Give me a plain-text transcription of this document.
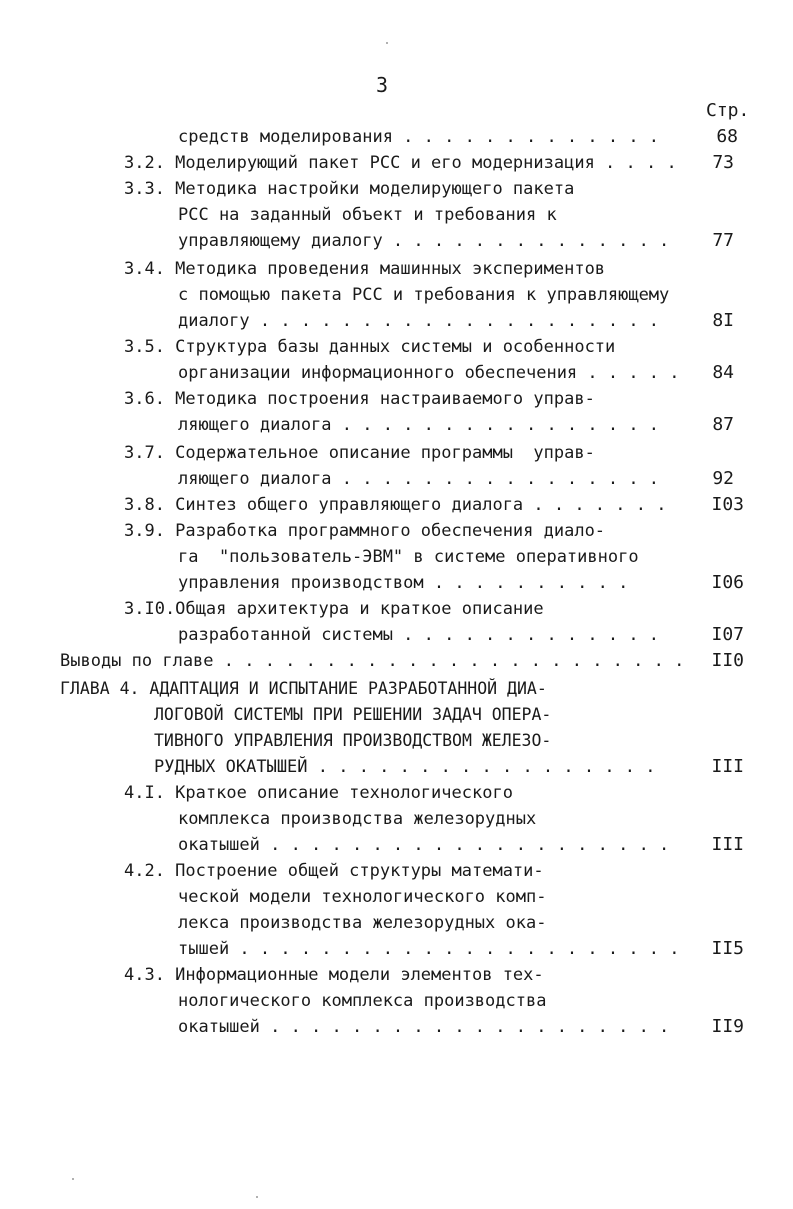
3
Стр.
средств моделирования . . . . . . . . . . . . .	68
3.2. Моделирующий пакет РСС и его модернизация . . . .	73
3.3. Методика настройки моделирующего пакета
РСС на заданный объект и требования к
управляющему диалогу . . . . . . . . . . . . . .	77
3.4. Методика проведения машинных экспериментов
с помощью пакета РСС и требования к управляющему
диалогу . . . . . . . . . . . . . . . . . . . .	8I
3.5. Структура базы данных системы и особенности
организации информационного обеспечения . . . . .	84
3.6. Методика построения настраиваемого управ-
ляющего диалога . . . . . . . . . . . . . . . .	87
3.7. Содержательное описание программы  управ-
ляющего диалога . . . . . . . . . . . . . . . .	92
3.8. Синтез общего управляющего диалога . . . . . . .	I03
3.9. Разработка программного обеспечения диало-
га  "пользователь-ЭВМ" в системе оперативного
управления производством . . . . . . . . . .	I06
3.I0.Общая архитектура и краткое описание
разработанной системы . . . . . . . . . . . . .	I07
Выводы по главе . . . . . . . . . . . . . . . . . . . . . . .	II0
ГЛАВА 4. АДАПТАЦИЯ И ИСПЫТАНИЕ РАЗРАБОТАННОЙ ДИА-
ЛОГОВОЙ СИСТЕМЫ ПРИ РЕШЕНИИ ЗАДАЧ ОПЕРА-
ТИВНОГО УПРАВЛЕНИЯ ПРОИЗВОДСТВОМ ЖЕЛЕЗО-
РУДНЫХ ОКАТЫШЕЙ . . . . . . . . . . . . . . . . .	III
4.I. Краткое описание технологического
комплекса производства железорудных
окатышей . . . . . . . . . . . . . . . . . . . .	III
4.2. Построение общей структуры математи-
ческой модели технологического комп-
лекса производства железорудных ока-
тышей . . . . . . . . . . . . . . . . . . . . . .	II5
4.3. Информационные модели элементов тех-
нологического комплекса производства
окатышей . . . . . . . . . . . . . . . . . . . .	II9
